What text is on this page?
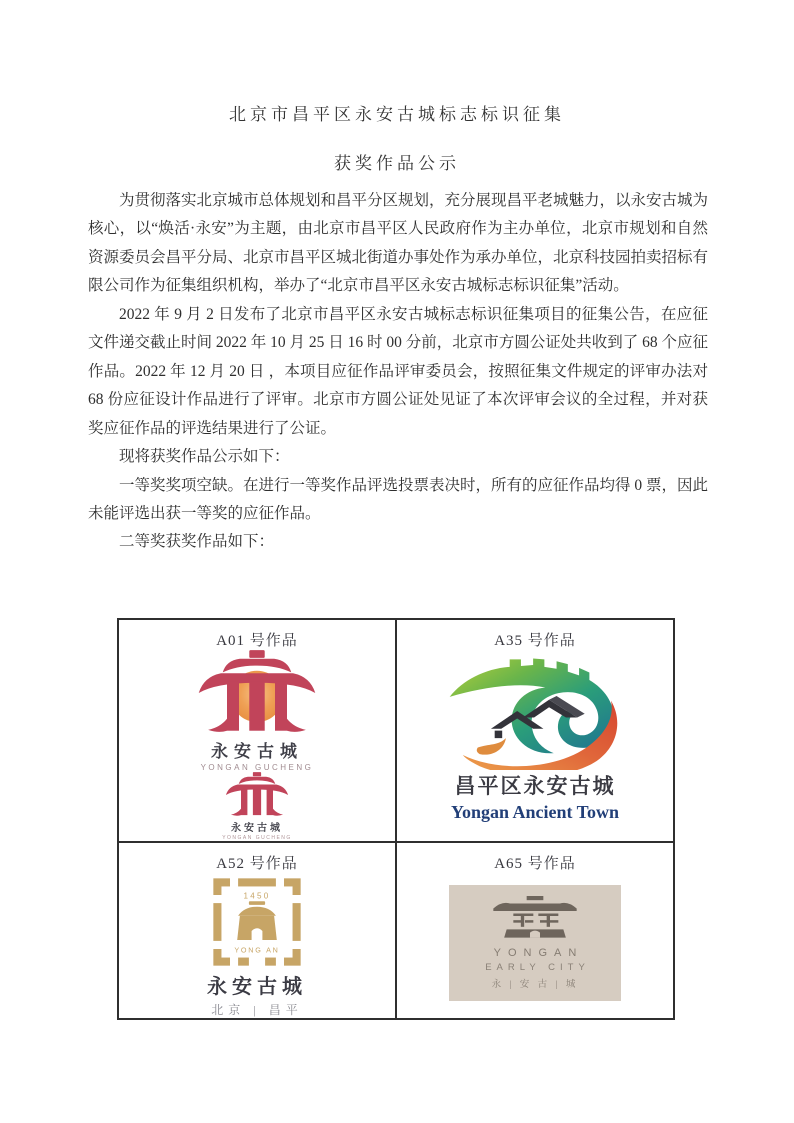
北京市昌平区永安古城标志标识征集
获奖作品公示

为贯彻落实北京城市总体规划和昌平分区规划，充分展现昌平老城魅力，以永安古城为核心，以“焕活·永安”为主题，由北京市昌平区人民政府作为主办单位，北京市规划和自然资源委员会昌平分局、北京市昌平区城北街道办事处作为承办单位，北京科技园拍卖招标有限公司作为征集组织机构，举办了“北京市昌平区永安古城标志标识征集”活动。

2022 年 9 月 2 日发布了北京市昌平区永安古城标志标识征集项目的征集公告，在应征文件递交截止时间 2022 年 10 月 25 日 16 时 00 分前，北京市方圆公证处共收到了 68 个应征作品。2022 年 12 月 20 日 ，本项目应征作品评审委员会，按照征集文件规定的评审办法对 68 份应征设计作品进行了评审。北京市方圆公证处见证了本次评审会议的全过程，并对获奖应征作品的评选结果进行了公证。

现将获奖作品公示如下：

一等奖奖项空缺。在进行一等奖作品评选投票表决时，所有的应征作品均得 0 票，因此未能评选出获一等奖的应征作品。

二等奖获奖作品如下：

A01 号作品
永安古城
YONGAN GUCHENG
永安古城
YONGAN GUCHENG
A35 号作品
昌平区永安古城
Yongan Ancient Town
A52 号作品
1450
YONG AN
永安古城
北京 | 昌平
A65 号作品
YONGAN
EARLY CITY
永 | 安 古 | 城
